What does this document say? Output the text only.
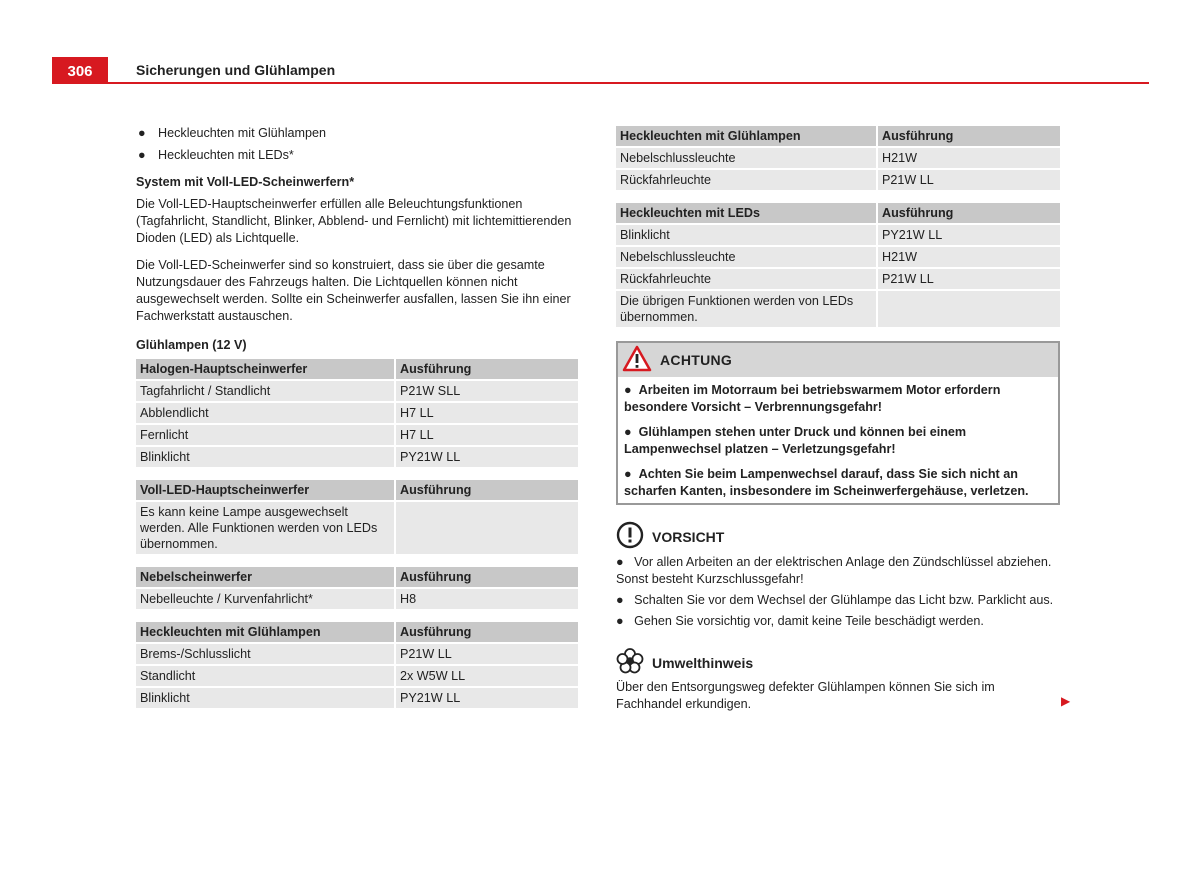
306	Sicherungen und Glühlampen
● Heckleuchten mit Glühlampen
● Heckleuchten mit LEDs*
System mit Voll-LED-Scheinwerfern*

Die Voll-LED-Hauptscheinwerfer erfüllen alle Beleuchtungsfunktionen (Tagfahrlicht, Standlicht, Blinker, Abblend- und Fernlicht) mit lichtemittierenden Dioden (LED) als Lichtquelle.

Die Voll-LED-Scheinwerfer sind so konstruiert, dass sie über die gesamte Nutzungsdauer des Fahrzeugs halten. Die Lichtquellen können nicht ausgewechselt werden. Sollte ein Scheinwerfer ausfallen, lassen Sie ihn einer Fachwerkstatt austauschen.

Glühlampen (12 V)
Halogen-Hauptscheinwerfer	Ausführung
Tagfahrlicht / Standlicht	P21W SLL
Abblendlicht	H7 LL
Fernlicht	H7 LL
Blinklicht	PY21W LL
Voll-LED-Hauptscheinwerfer	Ausführung
Es kann keine Lampe ausgewechselt werden. Alle Funktionen werden von LEDs übernommen.	
Nebelscheinwerfer	Ausführung
Nebelleuchte / Kurvenfahrlicht*	H8
Heckleuchten mit Glühlampen	Ausführung
Brems-/Schlusslicht	P21W LL
Standlicht	2x W5W LL
Blinklicht	PY21W LL
Heckleuchten mit Glühlampen	Ausführung
Nebelschlussleuchte	H21W
Rückfahrleuchte	P21W LL
Heckleuchten mit LEDs	Ausführung
Blinklicht	PY21W LL
Nebelschlussleuchte	H21W
Rückfahrleuchte	P21W LL
Die übrigen Funktionen werden von LEDs übernommen.	
ACHTUNG
●  Arbeiten im Motorraum bei betriebswarmem Motor erfordern besondere Vorsicht – Verbrennungsgefahr!
●  Glühlampen stehen unter Druck und können bei einem Lampenwechsel platzen – Verletzungsgefahr!
●  Achten Sie beim Lampenwechsel darauf, dass Sie sich nicht an scharfen Kanten, insbesondere im Scheinwerfergehäuse, verletzen.
VORSICHT
●   Vor allen Arbeiten an der elektrischen Anlage den Zündschlüssel abziehen. Sonst besteht Kurzschlussgefahr!
●   Schalten Sie vor dem Wechsel der Glühlampe das Licht bzw. Parklicht aus.
●   Gehen Sie vorsichtig vor, damit keine Teile beschädigt werden.
Umwelthinweis

Über den Entsorgungsweg defekter Glühlampen können Sie sich im Fachhandel erkundigen.	▶
